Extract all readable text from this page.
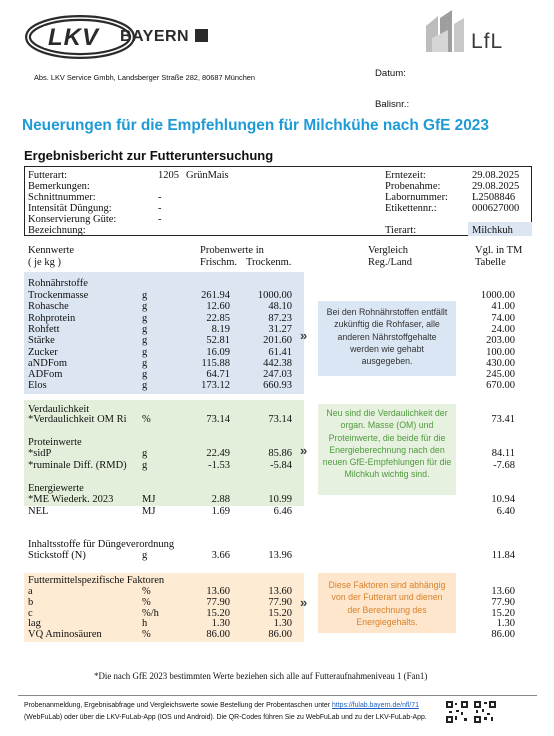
LKV BAYERN	LfL
Abs. LKV Service Gmbh, Landsberger Straße 282, 80687 München	Datum:
Balisnr.:
Neuerungen für die Empfehlungen für Milchkühe nach GfE 2023
Ergebnisbericht zur Futteruntersuchung
Futterart:	1205 GrünMais
Bemerkungen:
Schnittnummer:	-
Intensität Düngung:	-
Konservierung Güte:	-
Bezeichnung:
Erntezeit:	29.08.2025
Probenahme:	29.08.2025
Labornummer: L2508846
Etikettennr.:	000627000
Tierart:	Milchkuh
Kennwerte
( je kg )
Probenwerte in
Frischm. Trockenm.
Vergleich
Reg./Land
Vgl. in TM
Tabelle
Rohnährstoffe
Trockenmasse	g	261.94	1000.00	1000.00
Rohasche	g	12.60	48.10	41.00
Rohprotein	g	22.85	87.23	74.00
Rohfett	g	8.19	31.27	24.00
Stärke	g	52.81	201.60	203.00
Zucker	g	16.09	61.41	100.00
aNDFom	g	115.88	442.38	430.00
ADFom	g	64.71	247.03	245.00
Elos	g	173.12	660.93	670.00
Bei den Rohnährstoffen entfällt zukünftig die Rohfaser, alle anderen Nährstoffgehalte werden wie gehabt ausgegeben.
»
Verdaulichkeit
*Verdaulichkeit OM Ri %	73.14	73.14	73.41
Proteinwerte
*sidP	g	22.49	85.86	84.11
*ruminale Diff. (RMD) g	-1.53	-5.84	-7.68
Energiewerte
*ME Wiederk. 2023	MJ	2.88	10.99	10.94
NEL	MJ	1.69	6.46	6.40
Neu sind die Verdaulichkeit der organ. Masse (OM) und Proteinwerte, die beide für die Energieberechnung nach den neuen GfE-Empfehlungen für die Milchkuh wichtig sind.
»
Inhaltsstoffe für Düngeverordnung
Stickstoff (N)	g	3.66	13.96	11.84
Futtermittelspezifische Faktoren
a	%	13.60	13.60	13.60
b	%	77.90	77.90	77.90
c	%/h	15.20	15.20	15.20
lag	h	1.30	1.30	1.30
VQ Aminosäuren	%	86.00	86.00	86.00
Diese Faktoren sind abhängig von der Futterart und dienen der Berechnung des Energiegehalts.
»
*Die nach GfE 2023 bestimmten Werte beziehen sich alle auf Futteraufnahmeniveau 1 (Fan1)
Probenanmeldung, Ergebnisabfrage und Vergleichswerte sowie Bestellung der Probentaschen unter https://fulab.bayern.de/nfl/71
(WebFuLab) oder über die LKV-FuLab-App (IOS und Android). Die QR-Codes führen Sie zu WebFuLab und zu der LKV-FuLab-App.
